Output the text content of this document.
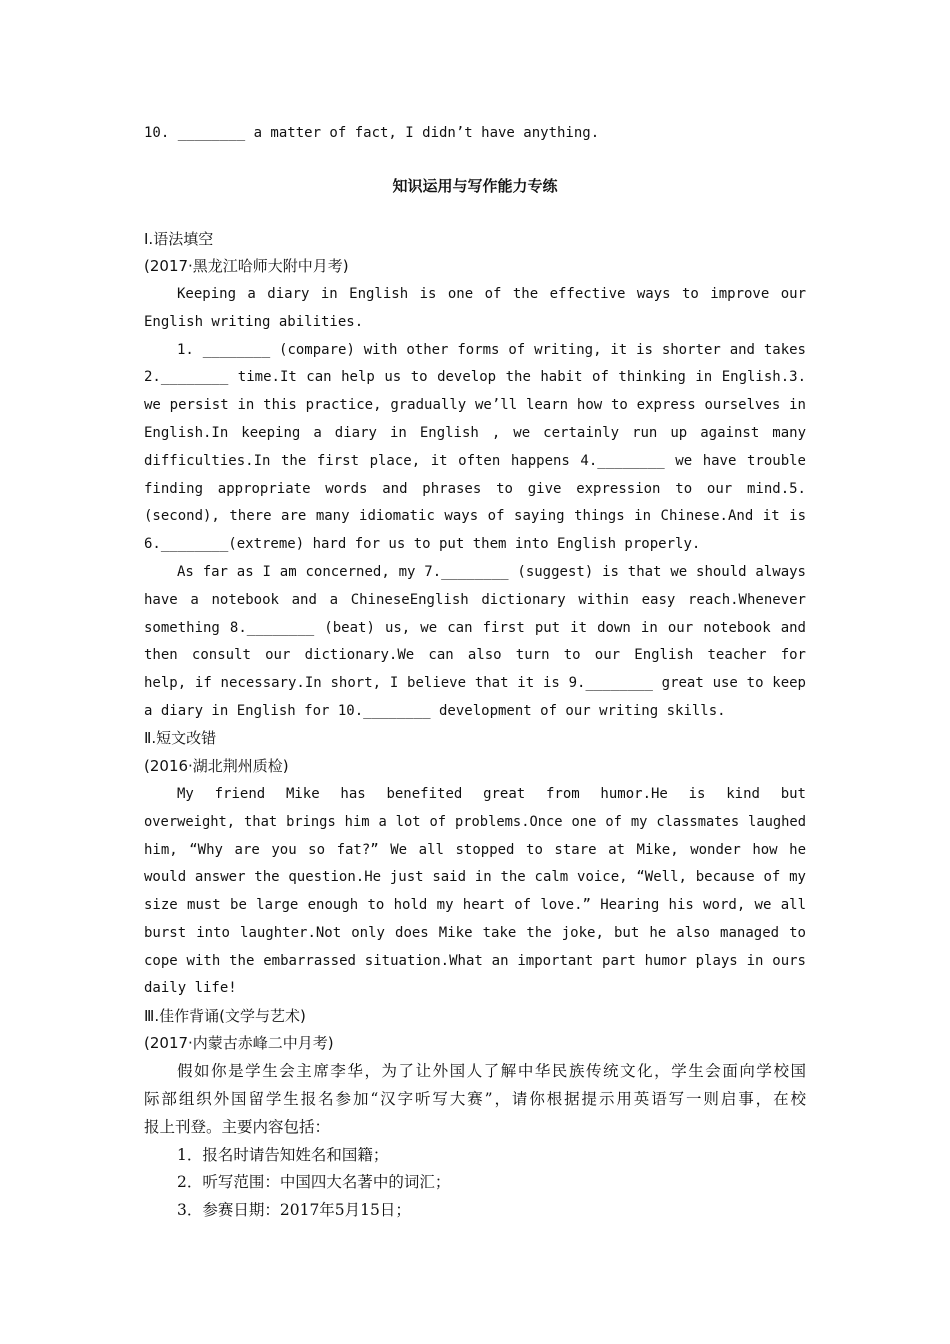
10. ________ a matter of fact, I didn’t have anything.
知识运用与写作能力专练
Ⅰ.语法填空
(2017·黑龙江哈师大附中月考)
Keeping a diary in English is one of the effective ways to improve our
English writing abilities.
1. ________ (compare) with other forms of writing, it is shorter and takes
2.________ time.It can help us to develop the habit of thinking in English.3.
we persist in this practice, gradually we’ll learn how to express ourselves in
English.In keeping a diary in English , we certainly run up against many
difficulties.In the first place, it often happens 4.________ we have trouble
finding appropriate words and phrases to give expression to our mind.5.
(second), there are many idiomatic ways of saying things in Chinese.And it is
6.________(extreme) hard for us to put them into English properly.
As far as I am concerned, my 7.________ (suggest) is that we should always
have a notebook and a ChineseEnglish dictionary within easy reach.Whenever
something 8.________ (beat) us, we can first put it down in our notebook and
then consult our dictionary.We can also turn to our English teacher for
help, if necessary.In short, I believe that it is 9.________ great use to keep
a diary in English for 10.________ development of our writing skills.
Ⅱ.短文改错
(2016·湖北荆州质检)
My friend Mike has benefited great from humor.He is kind but
overweight, that brings him a lot of problems.Once one of my classmates laughed
him, “Why are you so fat?” We all stopped to stare at Mike, wonder how he
would answer the question.He just said in the calm voice, “Well, because of my
size must be large enough to hold my heart of love.” Hearing his word, we all
burst into laughter.Not only does Mike take the joke, but he also managed to
cope with the embarrassed situation.What an important part humor plays in ours
daily life!
Ⅲ.佳作背诵(文学与艺术)
(2017·内蒙古赤峰二中月考)
假如你是学生会主席李华，为了让外国人了解中华民族传统文化，学生会面向学校国
际部组织外国留学生报名参加“汉字听写大赛”，请你根据提示用英语写一则启事，在校
报上刊登。主要内容包括：
1．报名时请告知姓名和国籍；
2．听写范围：中国四大名著中的词汇；
3．参赛日期：2017年5月15日；
